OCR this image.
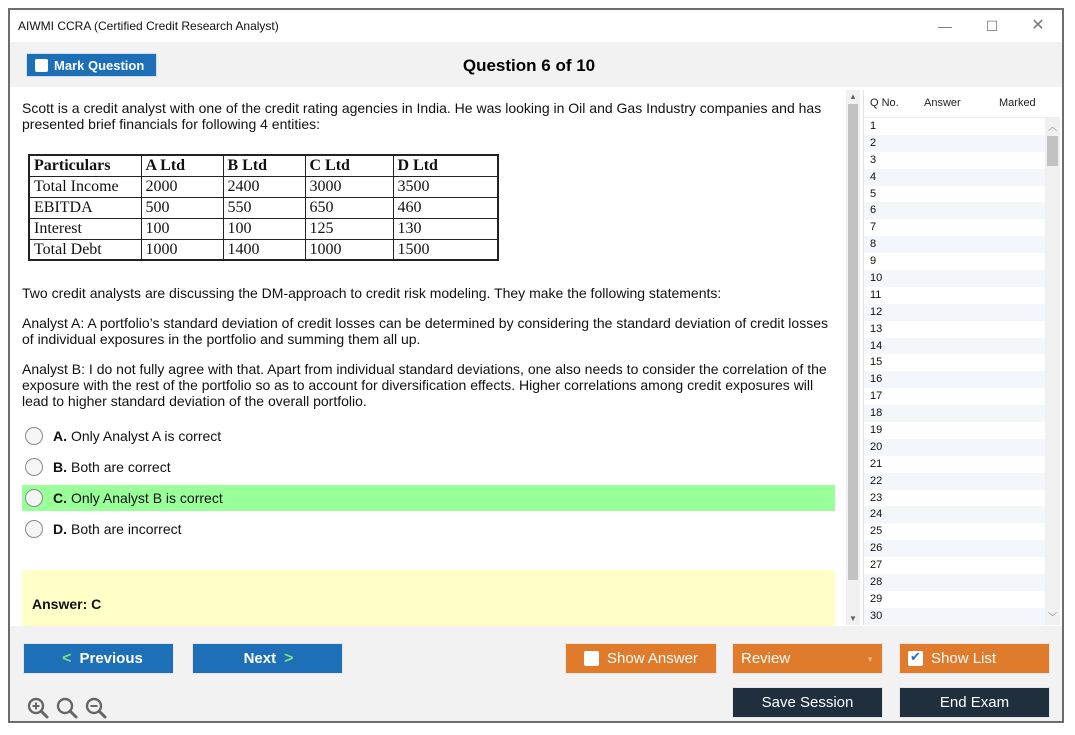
AIWMI CCRA (Certified Credit Research Analyst)	— ☐ ✕
Mark Question	Question 6 of 10

Scott is a credit analyst with one of the credit rating agencies in India. He was looking in Oil and Gas Industry companies and has presented brief financials for following 4 entities:

Particulars	A Ltd	B Ltd	C Ltd	D Ltd
Total Income	2000	2400	3000	3500
EBITDA	500	550	650	460
Interest	100	100	125	130
Total Debt	1000	1400	1000	1500

Two credit analysts are discussing the DM-approach to credit risk modeling. They make the following statements:

Analyst A: A portfolio’s standard deviation of credit losses can be determined by considering the standard deviation of credit losses of individual exposures in the portfolio and summing them all up.

Analyst B: I do not fully agree with that. Apart from individual standard deviations, one also needs to consider the correlation of the exposure with the rest of the portfolio so as to account for diversification effects. Higher correlations among credit exposures will lead to higher standard deviation of the overall portfolio.

A. Only Analyst A is correct
B. Both are correct
C. Only Analyst B is correct
D. Both are incorrect
Answer: C
▲
▼
Q No. Answer	Marked
1
2
3
4
5
6
7
8
9
10
11
12
13
14
15
16
17
18
19
20
21
22
23
24
25
26
27
28
29
30
︿
﹀
< Previous	Next >	Show Answer	Review	▼ ✔	Show List
Save Session	End Exam
